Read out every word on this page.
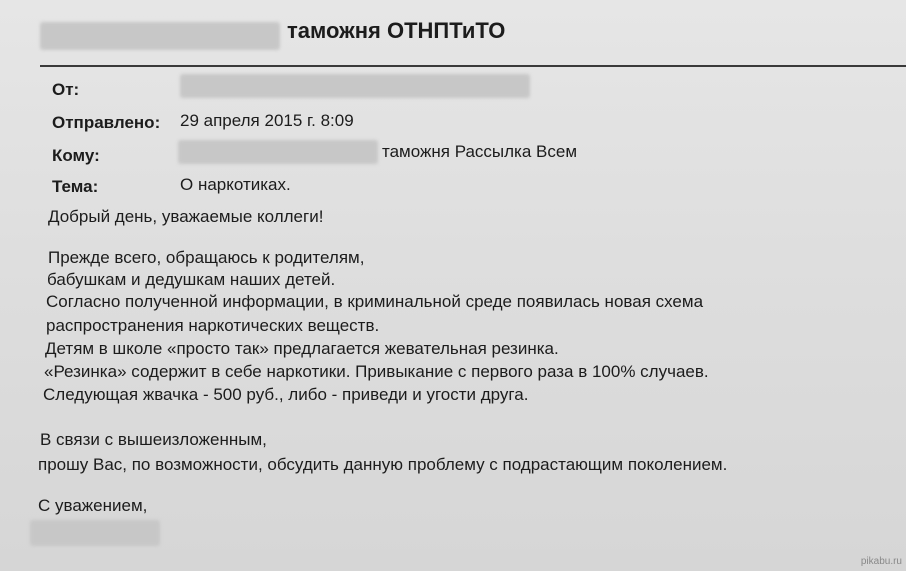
таможня ОТНПТиТО
От:
Отправлено: 29 апреля 2015 г. 8:09
Кому:	таможня Рассылка Всем
Тема:	О наркотиках.
Добрый день, уважаемые коллеги!
Прежде всего, обращаюсь к родителям,
бабушкам и дедушкам наших детей.
Согласно полученной информации, в криминальной среде появилась новая схема
распространения наркотических веществ.
Детям в школе «просто так» предлагается жевательная резинка.
«Резинка» содержит в себе наркотики. Привыкание с первого раза в 100% случаев.
Следующая жвачка - 500 руб., либо - приведи и угости друга.
В связи с вышеизложенным,
прошу Вас, по возможности, обсудить данную проблему с подрастающим поколением.
С уважением,
pikabu.ru
